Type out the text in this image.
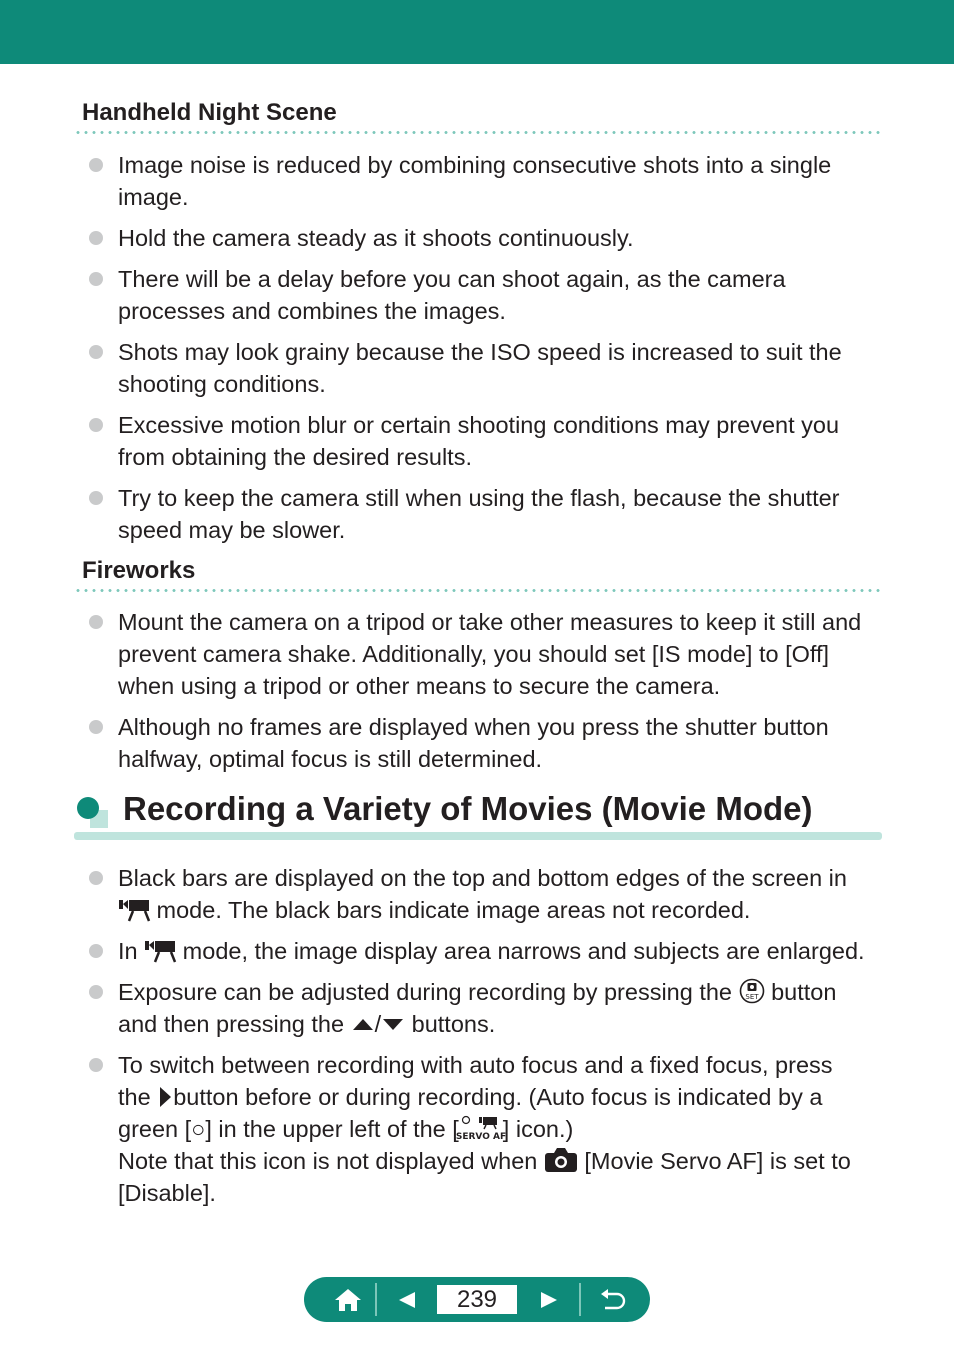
Handheld Night Scene
Image noise is reduced by combining consecutive shots into a single
image.
Hold the camera steady as it shoots continuously.
There will be a delay before you can shoot again, as the camera
processes and combines the images.
Shots may look grainy because the ISO speed is increased to suit the
shooting conditions.
Excessive motion blur or certain shooting conditions may prevent you
from obtaining the desired results.
Try to keep the camera still when using the flash, because the shutter
speed may be slower.
Fireworks
Mount the camera on a tripod or take other measures to keep it still and
prevent camera shake. Additionally, you should set [IS mode] to [Off]
when using a tripod or other means to secure the camera.
Although no frames are displayed when you press the shutter button
halfway, optimal focus is still determined.
Recording a Variety of Movies (Movie Mode)
Black bars are displayed on the top and bottom edges of the screen in
mode. The black bars indicate image areas not recorded.
In mode, the image display area narrows and subjects are enlarged.
Exposure can be adjusted during recording by pressing the SET button
and then pressing the / buttons.
To switch between recording with auto focus and a fixed focus, press
the button before or during recording. (Auto focus is indicated by a
green [○] in the upper left of the [
SERVO AF
] icon.)
Note that this icon is not displayed when [Movie Servo AF] is set to
[Disable].
239
